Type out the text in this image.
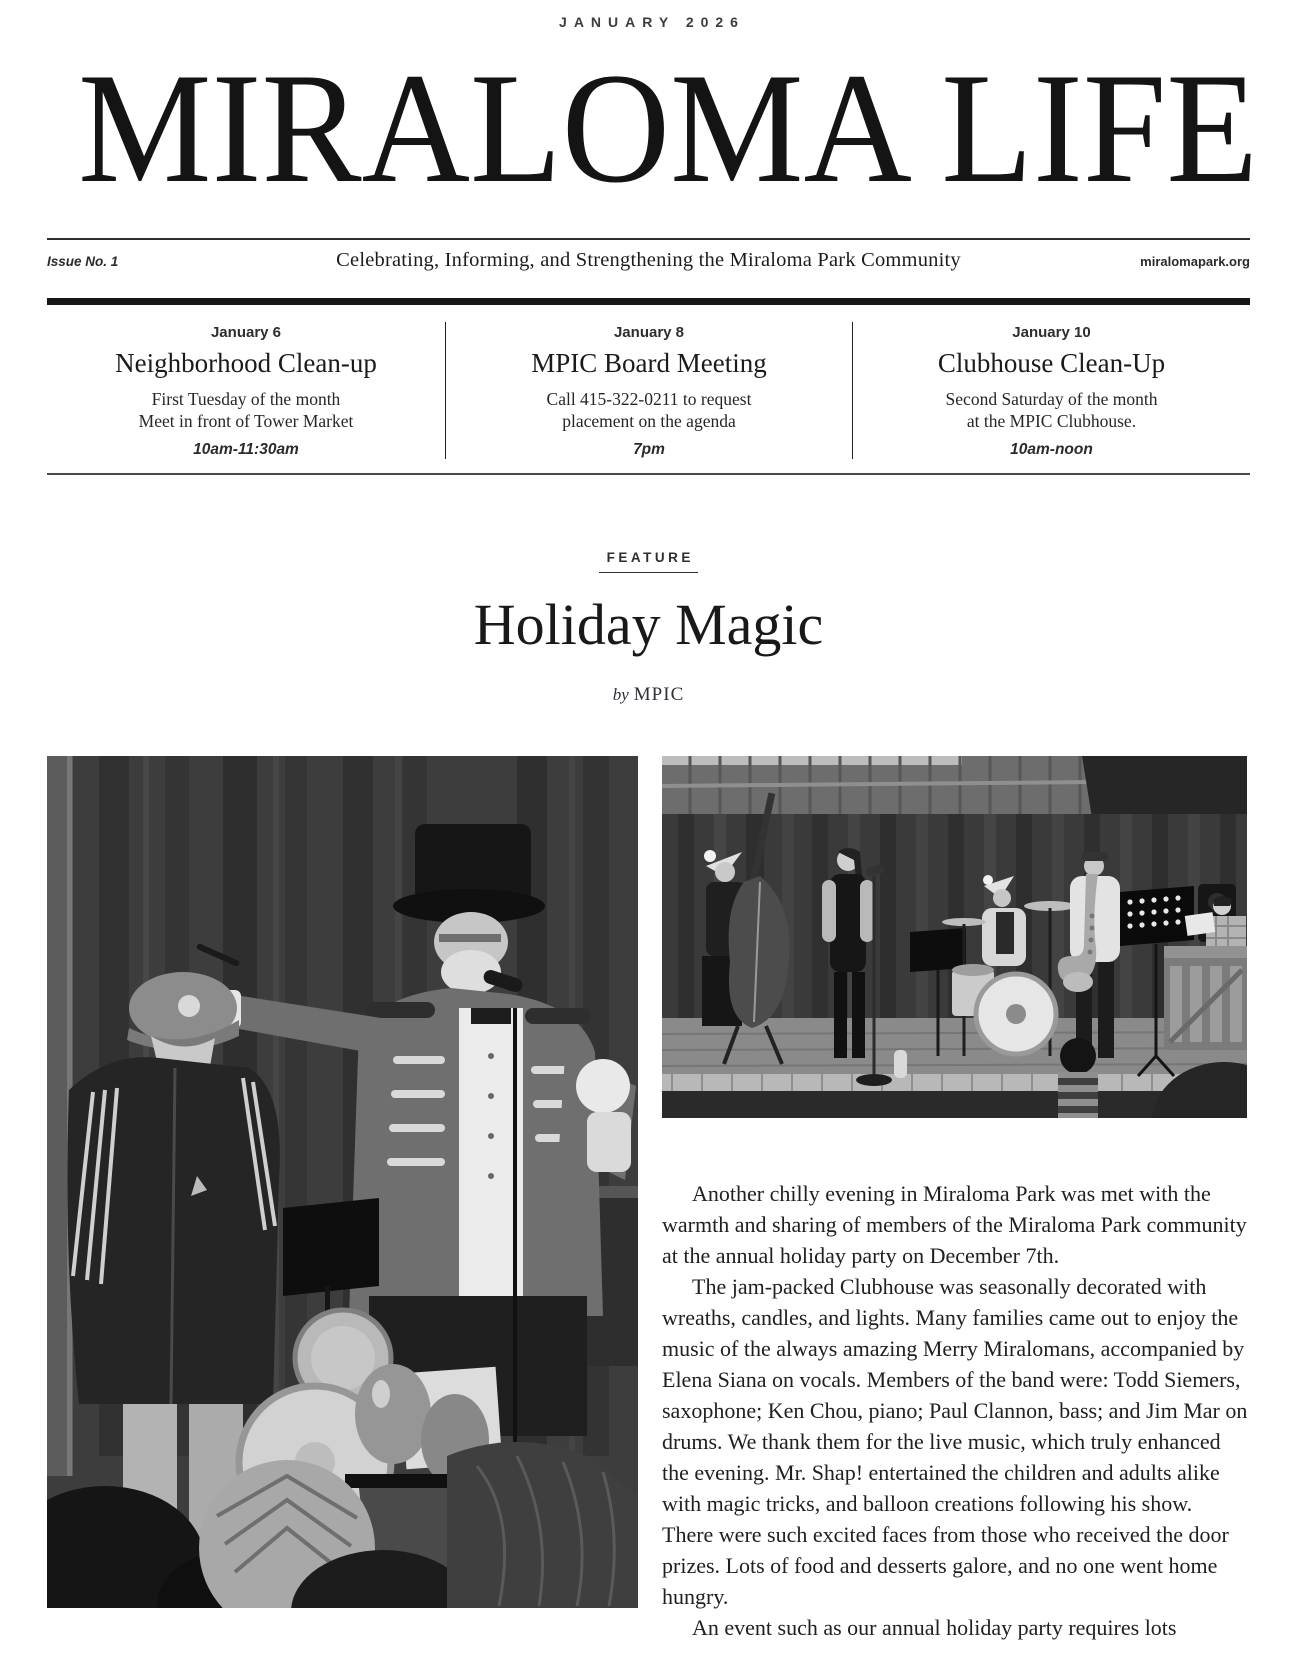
JANUARY 2026
MIRALOMA LIFE
Issue No. 1	Celebrating, Informing, and Strengthening the Miraloma Park Community	miralomapark.org
January 6
Neighborhood Clean-up
First Tuesday of the month
Meet in front of Tower Market
10am-11:30am
January 8
MPIC Board Meeting
Call 415-322-0211 to request
placement on the agenda
7pm
January 10
Clubhouse Clean-Up
Second Saturday of the month
at the MPIC Clubhouse.
10am-noon
FEATURE
Holiday Magic
by MPIC

Another chilly evening in Miraloma Park was met with the warmth and sharing of members of the Miraloma Park community at the annual holiday party on December 7th.

The jam-packed Clubhouse was seasonally decorated with wreaths, candles, and lights. Many families came out to enjoy the music of the always amazing Merry Miralomans, accompanied by Elena Siana on vocals. Members of the band were: Todd Siemers, saxophone; Ken Chou, piano; Paul Clannon, bass; and Jim Mar on drums. We thank them for the live music, which truly enhanced the evening. Mr. Shap! entertained the children and adults alike with magic tricks, and balloon creations following his show. There were such excited faces from those who received the door prizes. Lots of food and desserts galore, and no one went home hungry.

An event such as our annual holiday party requires lots
